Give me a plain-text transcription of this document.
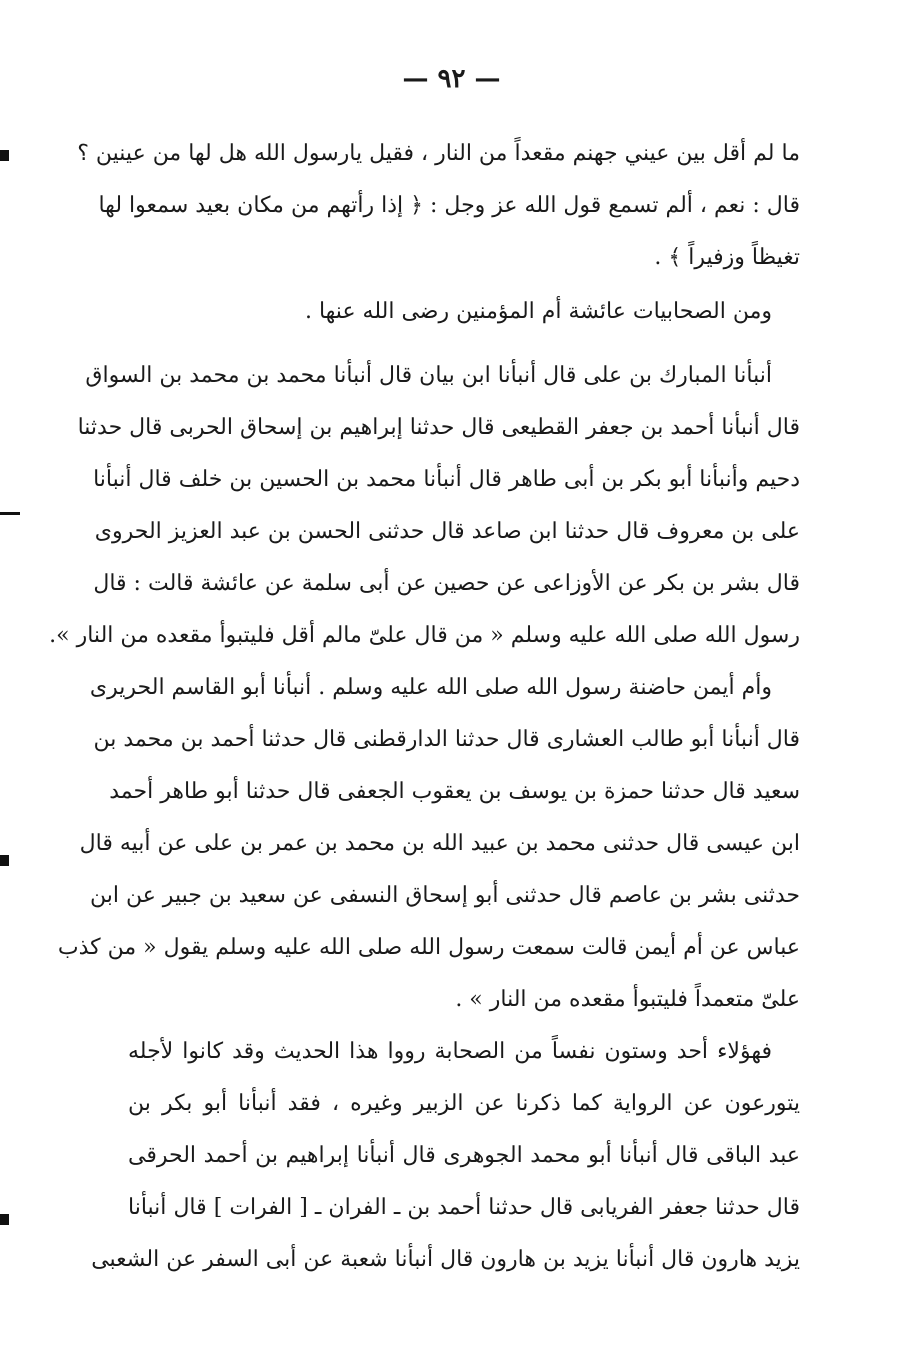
— ٩٢ —
ما لم أقل بين عيني جهنم مقعداً من النار ، فقيل يارسول الله هل لها من عينين ؟
قال : نعم ، ألم تسمع قول الله عز وجل : ﴿ إذا رأتهم من مكان بعيد سمعوا لها
تغيظاً وزفيراً ﴾ .
ومن الصحابيات عائشة أم المؤمنين رضى الله عنها .
أنبأنا المبارك بن على قال أنبأنا ابن بيان قال أنبأنا محمد بن محمد بن السواق
قال أنبأنا أحمد بن جعفر القطيعى قال حدثنا إبراهيم بن إسحاق الحربى قال حدثنا
دحيم وأنبأنا أبو بكر بن أبى طاهر قال أنبأنا محمد بن الحسين بن خلف قال أنبأنا
على بن معروف قال حدثنا ابن صاعد قال حدثنى الحسن بن عبد العزيز الحروى
قال بشر بن بكر عن الأوزاعى عن حصين عن أبى سلمة عن عائشة قالت : قال
رسول الله صلى الله عليه وسلم « من قال علىّ مالم أقل فليتبوأ مقعده من النار ».
وأم أيمن حاضنة رسول الله صلى الله عليه وسلم . أنبأنا أبو القاسم الحريرى
قال أنبأنا أبو طالب العشارى قال حدثنا الدارقطنى قال حدثنا أحمد بن محمد بن
سعيد قال حدثنا حمزة بن يوسف بن يعقوب الجعفى قال حدثنا أبو طاهر أحمد
ابن عيسى قال حدثنى محمد بن عبيد الله بن محمد بن عمر بن على عن أبيه قال
حدثنى بشر بن عاصم قال حدثنى أبو إسحاق النسفى عن سعيد بن جبير عن ابن
عباس عن أم أيمن قالت سمعت رسول الله صلى الله عليه وسلم يقول « من كذب
علىّ متعمداً فليتبوأ مقعده من النار » .
فهؤلاء أحد وستون نفساً من الصحابة رووا هذا الحديث وقد كانوا لأجله
يتورعون عن الرواية كما ذكرنا عن الزبير وغيره ، فقد أنبأنا أبو بكر بن
عبد الباقى قال أنبأنا أبو محمد الجوهرى قال أنبأنا إبراهيم بن أحمد الحرقى
قال حدثنا جعفر الفريابى قال حدثنا أحمد بن ـ الفران ـ [ الفرات ] قال أنبأنا
يزيد هارون قال أنبأنا يزيد بن هارون قال أنبأنا شعبة عن أبى السفر عن الشعبى
